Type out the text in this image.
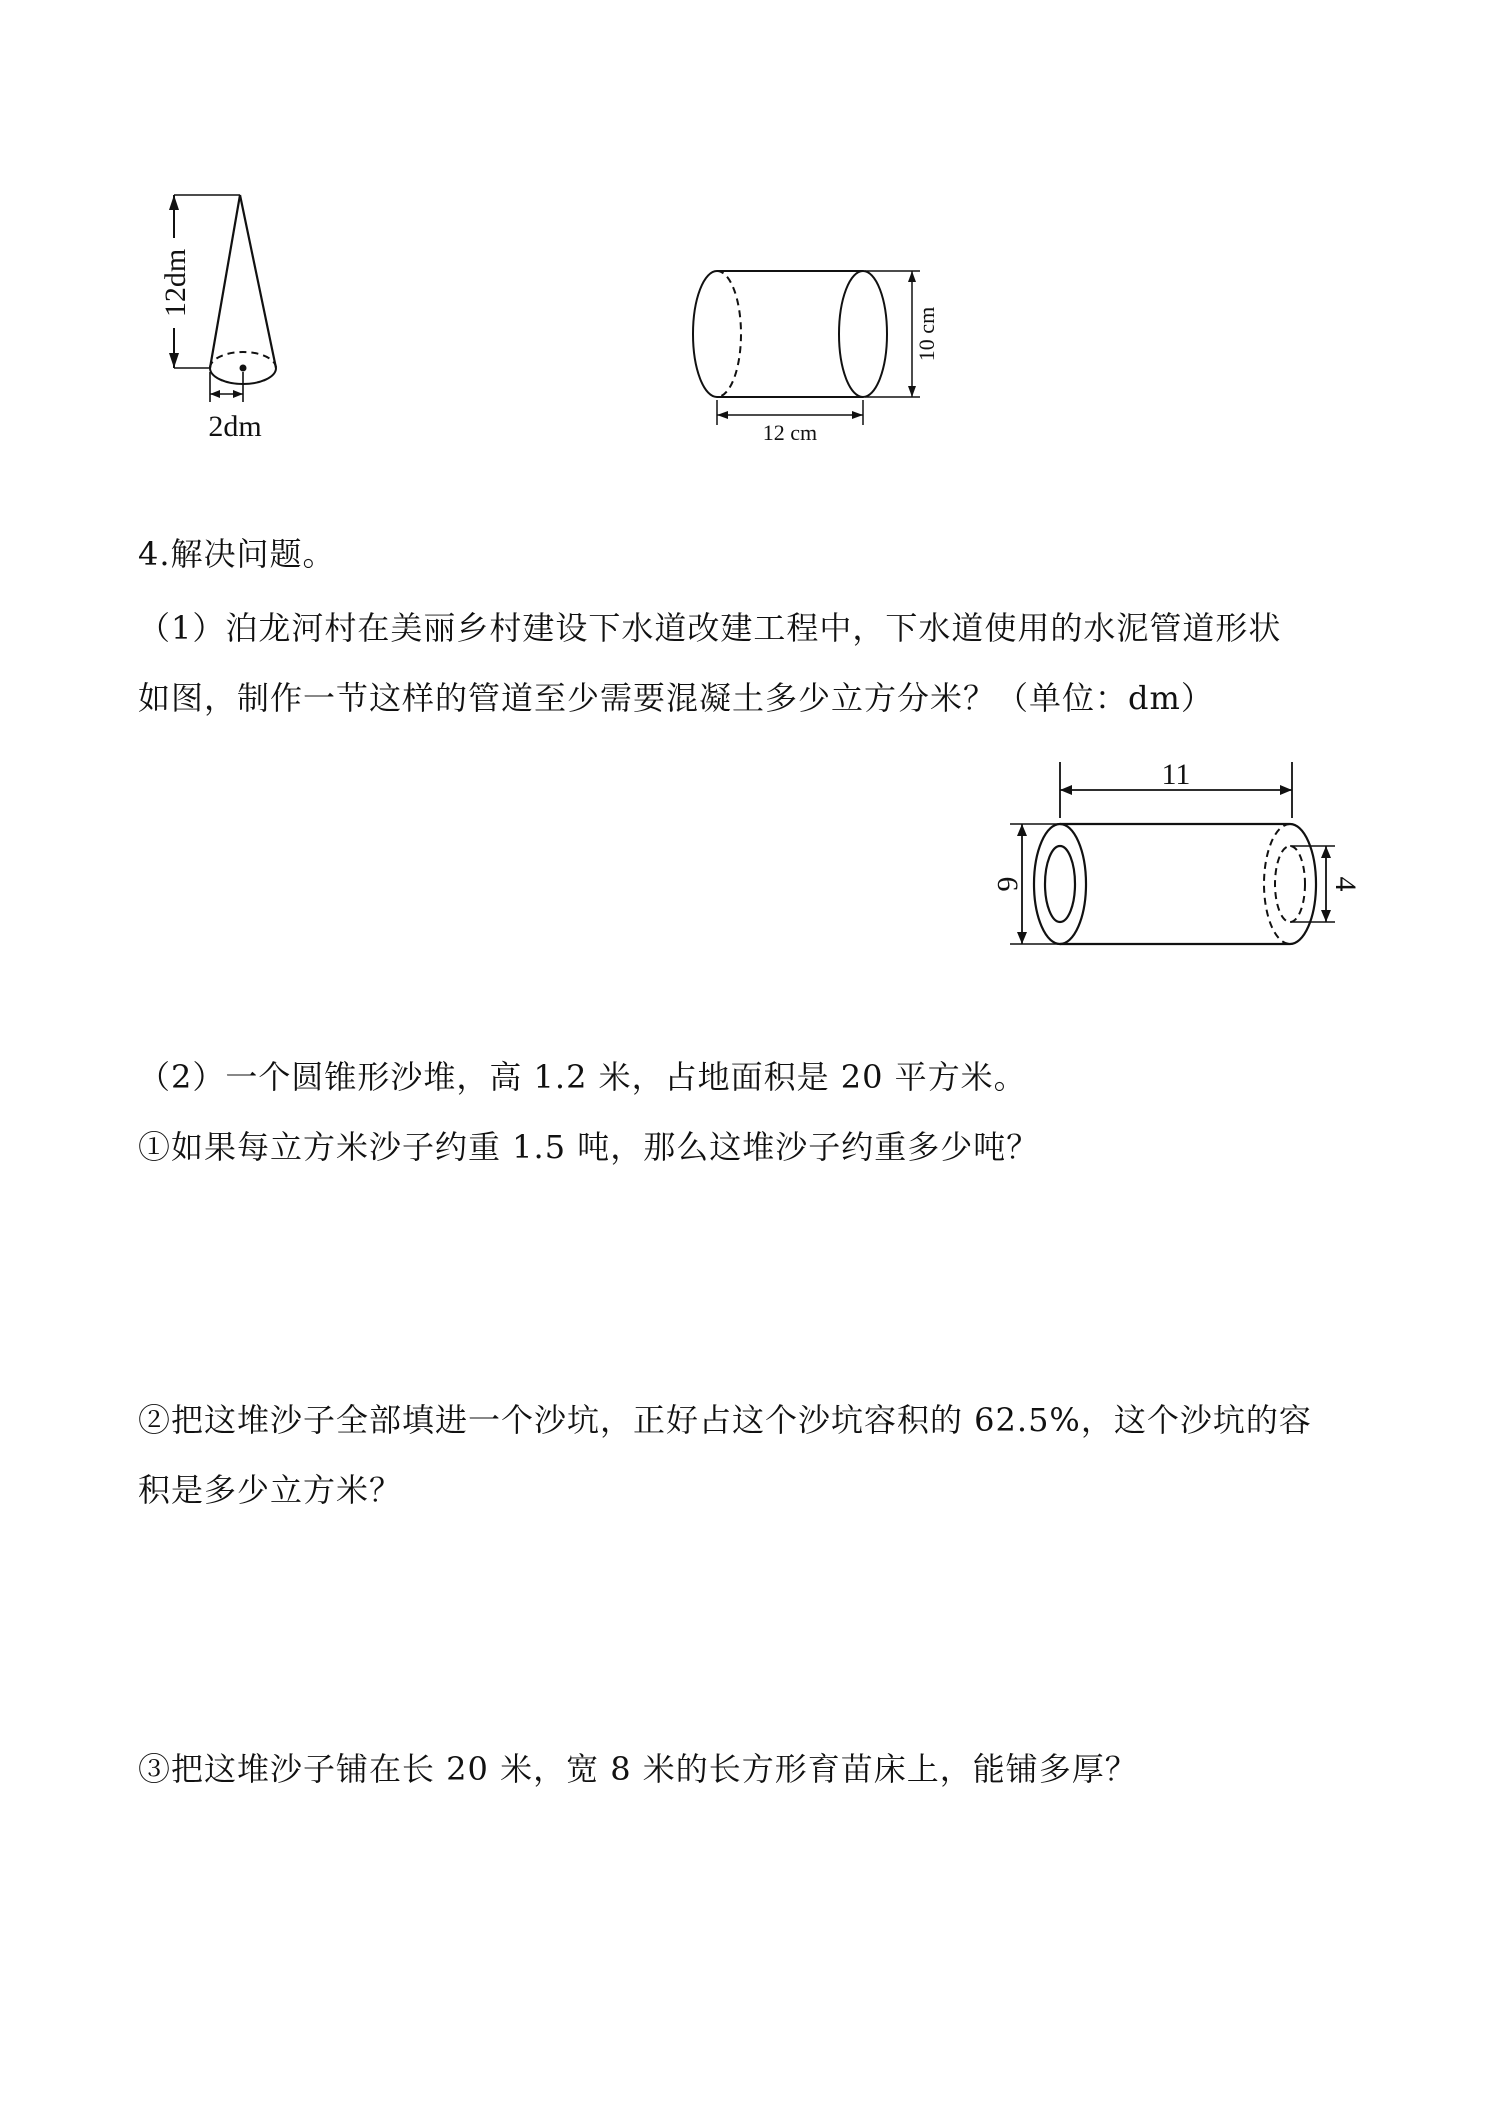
12dm
2dm
10 cm
12 cm
4.解决问题。
（1）泊龙河村在美丽乡村建设下水道改建工程中，下水道使用的水泥管道形状
如图，制作一节这样的管道至少需要混凝土多少立方分米？（单位：dm）
11
6	4
（2）一个圆锥形沙堆，高 1.2 米，占地面积是 20 平方米。
①如果每立方米沙子约重 1.5 吨，那么这堆沙子约重多少吨？
②把这堆沙子全部填进一个沙坑，正好占这个沙坑容积的 62.5%，这个沙坑的容
积是多少立方米？
③把这堆沙子铺在长 20 米，宽 8 米的长方形育苗床上，能铺多厚？
